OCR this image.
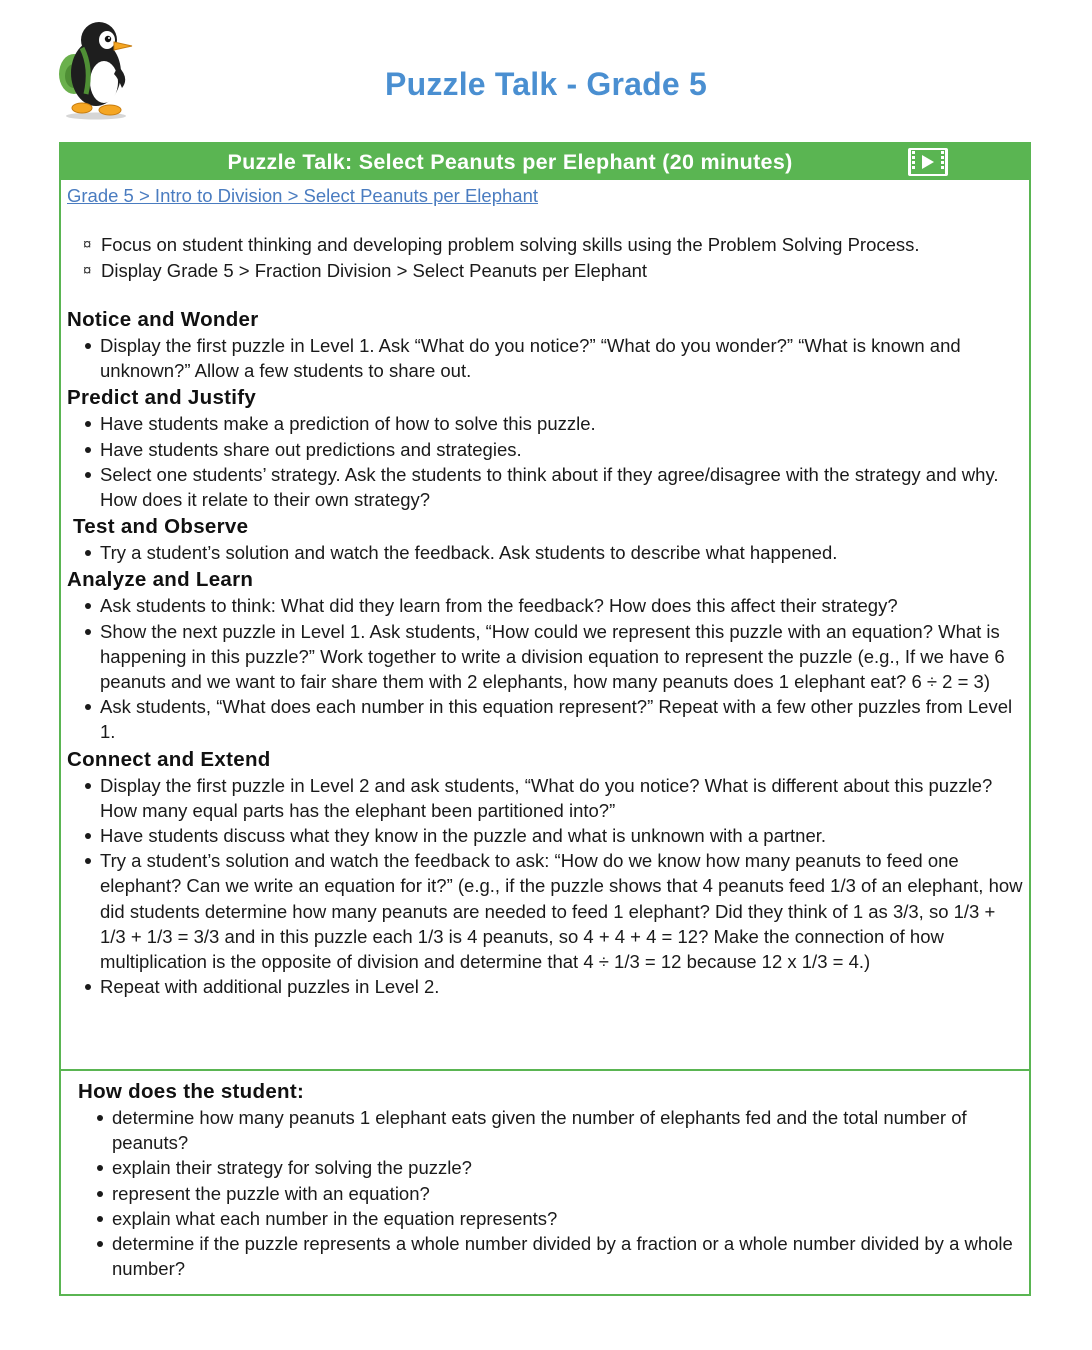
Puzzle Talk - Grade 5
Puzzle Talk: Select Peanuts per Elephant (20 minutes)
Grade 5 > Intro to Division > Select Peanuts per Elephant
¤ Focus on student thinking and developing problem solving skills using the Problem Solving Process.
¤ Display Grade 5 > Fraction Division > Select Peanuts per Elephant
Notice and Wonder
Display the first puzzle in Level 1. Ask “What do you notice?” “What do you wonder?” “What is known and unknown?” Allow a few students to share out.
Predict and Justify
Have students make a prediction of how to solve this puzzle.
Have students share out predictions and strategies.
Select one students’ strategy. Ask the students to think about if they agree/disagree with the strategy and why. How does it relate to their own strategy?
Test and Observe
Try a student’s solution and watch the feedback. Ask students to describe what happened.
Analyze and Learn
Ask students to think: What did they learn from the feedback? How does this affect their strategy?
Show the next puzzle in Level 1. Ask students, “How could we represent this puzzle with an equation? What is happening in this puzzle?” Work together to write a division equation to represent the puzzle (e.g., If we have 6 peanuts and we want to fair share them with 2 elephants, how many peanuts does 1 elephant eat? 6 ÷ 2 = 3)
Ask students, “What does each number in this equation represent?” Repeat with a few other puzzles from Level 1.
Connect and Extend
Display the first puzzle in Level 2 and ask students, “What do you notice? What is different about this puzzle? How many equal parts has the elephant been partitioned into?”
Have students discuss what they know in the puzzle and what is unknown with a partner.
Try a student’s solution and watch the feedback to ask: “How do we know how many peanuts to feed one elephant? Can we write an equation for it?” (e.g., if the puzzle shows that 4 peanuts feed 1/3 of an elephant, how did students determine how many peanuts are needed to feed 1 elephant? Did they think of 1 as 3/3, so 1/3 + 1/3 + 1/3 = 3/3 and in this puzzle each 1/3 is 4 peanuts, so 4 + 4 + 4 = 12? Make the connection of how multiplication is the opposite of division and determine that 4 ÷ 1/3 = 12 because 12 x 1/3 = 4.)
Repeat with additional puzzles in Level 2.
How does the student:
determine how many peanuts 1 elephant eats given the number of elephants fed and the total number of peanuts?
explain their strategy for solving the puzzle?
represent the puzzle with an equation?
explain what each number in the equation represents?
determine if the puzzle represents a whole number divided by a fraction or a whole number divided by a whole number?
